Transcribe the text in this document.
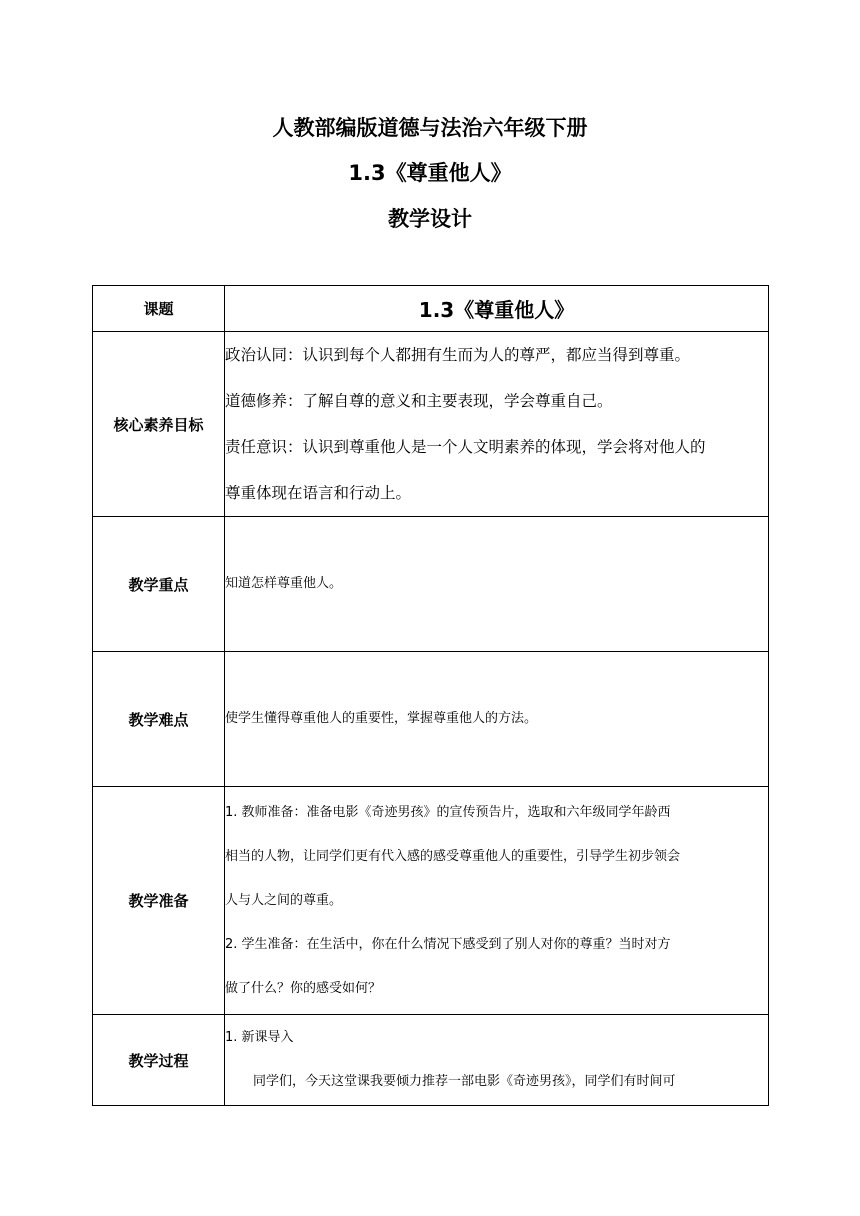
人教部编版道德与法治六年级下册
1.3《尊重他人》
教学设计
课题	1.3《尊重他人》
核心素养目标	政治认同：认识到每个人都拥有生而为人的尊严，都应当得到尊重。
道德修养：了解自尊的意义和主要表现，学会尊重自己。
责任意识：认识到尊重他人是一个人文明素养的体现，学会将对他人的
尊重体现在语言和行动上。

教学重点	知道怎样尊重他人。

教学难点	使学生懂得尊重他人的重要性，掌握尊重他人的方法。

教学准备	1. 教师准备：准备电影《奇迹男孩》的宣传预告片，选取和六年级同学年龄西
相当的人物，让同学们更有代入感的感受尊重他人的重要性，引导学生初步领会
人与人之间的尊重。
2. 学生准备：在生活中，你在什么情况下感受到了别人对你的尊重？当时对方
做了什么？你的感受如何？

教学过程	1. 新课导入
同学们，今天这堂课我要倾力推荐一部电影《奇迹男孩》，同学们有时间可
